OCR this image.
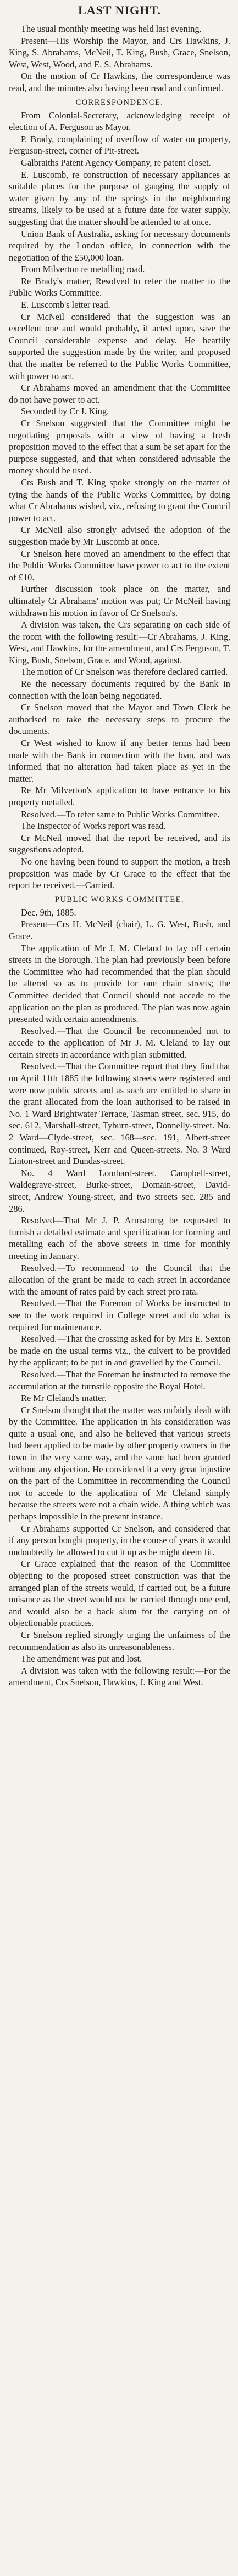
LAST NIGHT.

The usual monthly meeting was held last evening.

Present—His Worship the Mayor, and Crs Hawkins, J. King, S. Abrahams, McNeil, T. King, Bush, Grace, Snelson, West, West, Wood, and E. S. Abrahams.

On the motion of Cr Hawkins, the correspondence was read, and the minutes also having been read and confirmed.

CORRESPONDENCE.

From Colonial-Secretary, acknowledging receipt of election of A. Ferguson as Mayor.

P. Brady, complaining of overflow of water on property, Ferguson-street, corner of Pit-street.

Galbraiths Patent Agency Company, re patent closet.

E. Luscomb, re construction of necessary appliances at suitable places for the purpose of gauging the supply of water given by any of the springs in the neighbouring streams, likely to be used at a future date for water supply, suggesting that the matter should be attended to at once.

Union Bank of Australia, asking for necessary documents required by the London office, in connection with the negotiation of the £50,000 loan.

From Milverton re metalling road.

Re Brady's matter, Resolved to refer the matter to the Public Works Committee.

E. Luscomb's letter read.

Cr McNeil considered that the suggestion was an excellent one and would probably, if acted upon, save the Council considerable expense and delay. He heartily supported the suggestion made by the writer, and proposed that the matter be referred to the Public Works Committee, with power to act.

Cr Abrahams moved an amendment that the Committee do not have power to act.

Seconded by Cr J. King.

Cr Snelson suggested that the Committee might be negotiating proposals with a view of having a fresh proposition moved to the effect that a sum be set apart for the purpose suggested, and that when considered advisable the money should be used.

Crs Bush and T. King spoke strongly on the matter of tying the hands of the Public Works Committee, by doing what Cr Abrahams wished, viz., refusing to grant the Council power to act.

Cr McNeil also strongly advised the adoption of the suggestion made by Mr Luscomb at once.

Cr Snelson here moved an amendment to the effect that the Public Works Committee have power to act to the extent of £10.

Further discussion took place on the matter, and ultimately Cr Abrahams' motion was put; Cr McNeil having withdrawn his motion in favor of Cr Snelson's.

A division was taken, the Crs separating on each side of the room with the following result:—Cr Abrahams, J. King, West, and Hawkins, for the amendment, and Crs Ferguson, T. King, Bush, Snelson, Grace, and Wood, against.

The motion of Cr Snelson was therefore declared carried.

Re the necessary documents required by the Bank in connection with the loan being negotiated.

Cr Snelson moved that the Mayor and Town Clerk be authorised to take the necessary steps to procure the documents.

Cr West wished to know if any better terms had been made with the Bank in connection with the loan, and was informed that no alteration had taken place as yet in the matter.

Re Mr Milverton's application to have entrance to his property metalled.

Resolved.—To refer same to Public Works Committee.

The Inspector of Works report was read.

Cr McNeil moved that the report be received, and its suggestions adopted.

No one having been found to support the motion, a fresh proposition was made by Cr Grace to the effect that the report be received.—Carried.

PUBLIC WORKS COMMITTEE.

Dec. 9th, 1885.

Present—Crs H. McNeil (chair), L. G. West, Bush, and Grace.

The application of Mr J. M. Cleland to lay off certain streets in the Borough. The plan had previously been before the Committee who had recommended that the plan should be altered so as to provide for one chain streets; the Committee decided that Council should not accede to the application on the plan as produced. The plan was now again presented with certain amendments.

Resolved.—That the Council be recommended not to accede to the application of Mr J. M. Cleland to lay out certain streets in accordance with plan submitted.

Resolved.—That the Committee report that they find that on April 11th 1885 the following streets were registered and were now public streets and as such are entitled to share in the grant allocated from the loan authorised to be raised in No. 1 Ward Brightwater Terrace, Tasman street, sec. 915, do sec. 612, Marshall-street, Tyburn-street, Donnelly-street. No. 2 Ward—Clyde-street, sec. 168—sec. 191, Albert-street continued, Roy-street, Kerr and Queen-streets. No. 3 Ward Linton-street and Dundas-street.

No. 4 Ward Lombard-street, Campbell-street, Waldegrave-street, Burke-street, Domain-street, David-street, Andrew Young-street, and two streets sec. 285 and 286.

Resolved—That Mr J. P. Armstrong be requested to furnish a detailed estimate and specification for forming and metalling each of the above streets in time for monthly meeting in January.

Resolved.—To recommend to the Council that the allocation of the grant be made to each street in accordance with the amount of rates paid by each street pro rata.

Resolved.—That the Foreman of Works be instructed to see to the work required in College street and do what is required for maintenance.

Resolved.—That the crossing asked for by Mrs E. Sexton be made on the usual terms viz., the culvert to be provided by the applicant; to be put in and gravelled by the Council.

Resolved.—That the Foreman be instructed to remove the accumulation at the turnstile opposite the Royal Hotel.

Re Mr Cleland's matter.

Cr Snelson thought that the matter was unfairly dealt with by the Committee. The application in his consideration was quite a usual one, and also he believed that various streets had been applied to be made by other property owners in the town in the very same way, and the same had been granted without any objection. He considered it a very great injustice on the part of the Committee in recommending the Council not to accede to the application of Mr Cleland simply because the streets were not a chain wide. A thing which was perhaps impossible in the present instance.

Cr Abrahams supported Cr Snelson, and considered that if any person bought property, in the course of years it would undoubtedly be allowed to cut it up as he might deem fit.

Cr Grace explained that the reason of the Committee objecting to the proposed street construction was that the arranged plan of the streets would, if carried out, be a future nuisance as the street would not be carried through one end, and would also be a back slum for the carrying on of objectionable practices.

Cr Snelson replied strongly urging the unfairness of the recommendation as also its unreasonableness.

The amendment was put and lost.

A division was taken with the following result:—For the amendment, Crs Snelson, Hawkins, J. King and West.
